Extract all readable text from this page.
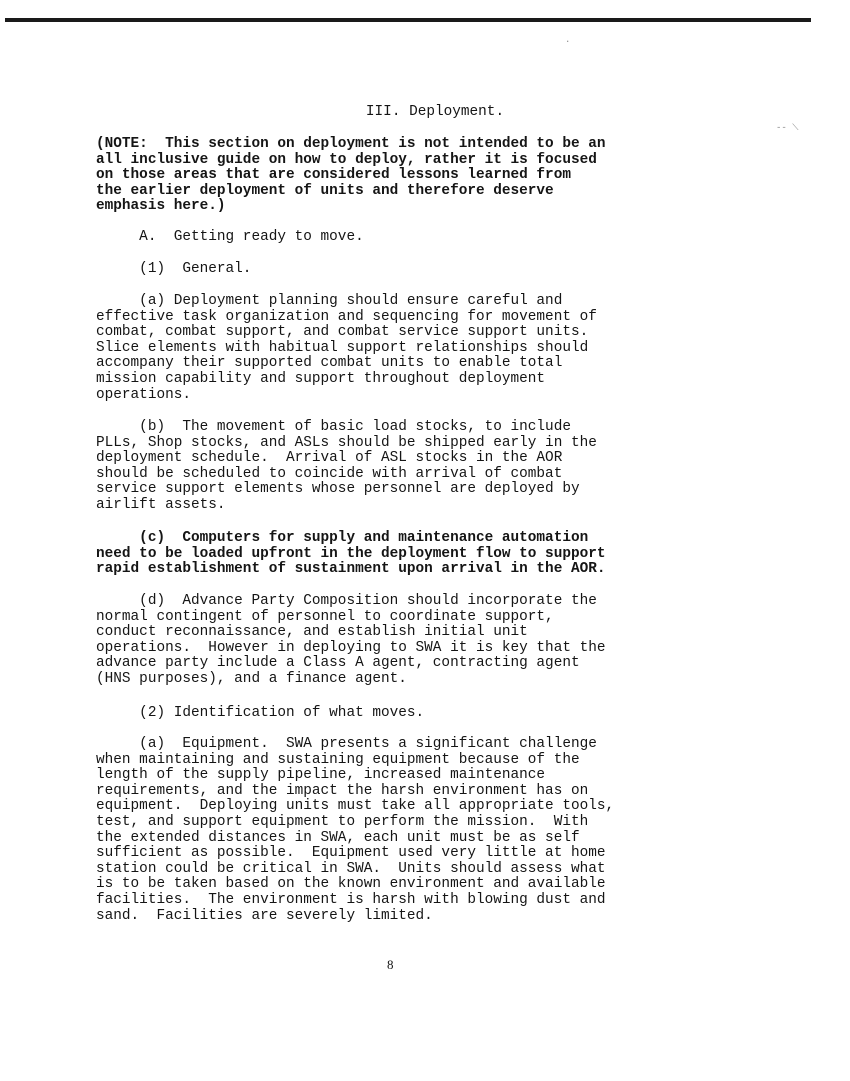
·
‑‑ ⟍
III. Deployment.

(NOTE:  This section on deployment is not intended to be an
all inclusive guide on how to deploy, rather it is focused
on those areas that are considered lessons learned from
the earlier deployment of units and therefore deserve
emphasis here.)

A.  Getting ready to move.

(1)  General.

(a) Deployment planning should ensure careful and
effective task organization and sequencing for movement of
combat, combat support, and combat service support units.
Slice elements with habitual support relationships should
accompany their supported combat units to enable total
mission capability and support throughout deployment
operations.

(b)  The movement of basic load stocks, to include
PLLs, Shop stocks, and ASLs should be shipped early in the
deployment schedule.  Arrival of ASL stocks in the AOR
should be scheduled to coincide with arrival of combat
service support elements whose personnel are deployed by
airlift assets.

(c)  Computers for supply and maintenance automation
need to be loaded upfront in the deployment flow to support
rapid establishment of sustainment upon arrival in the AOR.

(d)  Advance Party Composition should incorporate the
normal contingent of personnel to coordinate support,
conduct reconnaissance, and establish initial unit
operations.  However in deploying to SWA it is key that the
advance party include a Class A agent, contracting agent
(HNS purposes), and a finance agent.

(2) Identification of what moves.

(a)  Equipment.  SWA presents a significant challenge
when maintaining and sustaining equipment because of the
length of the supply pipeline, increased maintenance
requirements, and the impact the harsh environment has on
equipment.  Deploying units must take all appropriate tools,
test, and support equipment to perform the mission.  With
the extended distances in SWA, each unit must be as self
sufficient as possible.  Equipment used very little at home
station could be critical in SWA.  Units should assess what
is to be taken based on the known environment and available
facilities.  The environment is harsh with blowing dust and
sand.  Facilities are severely limited.

8
